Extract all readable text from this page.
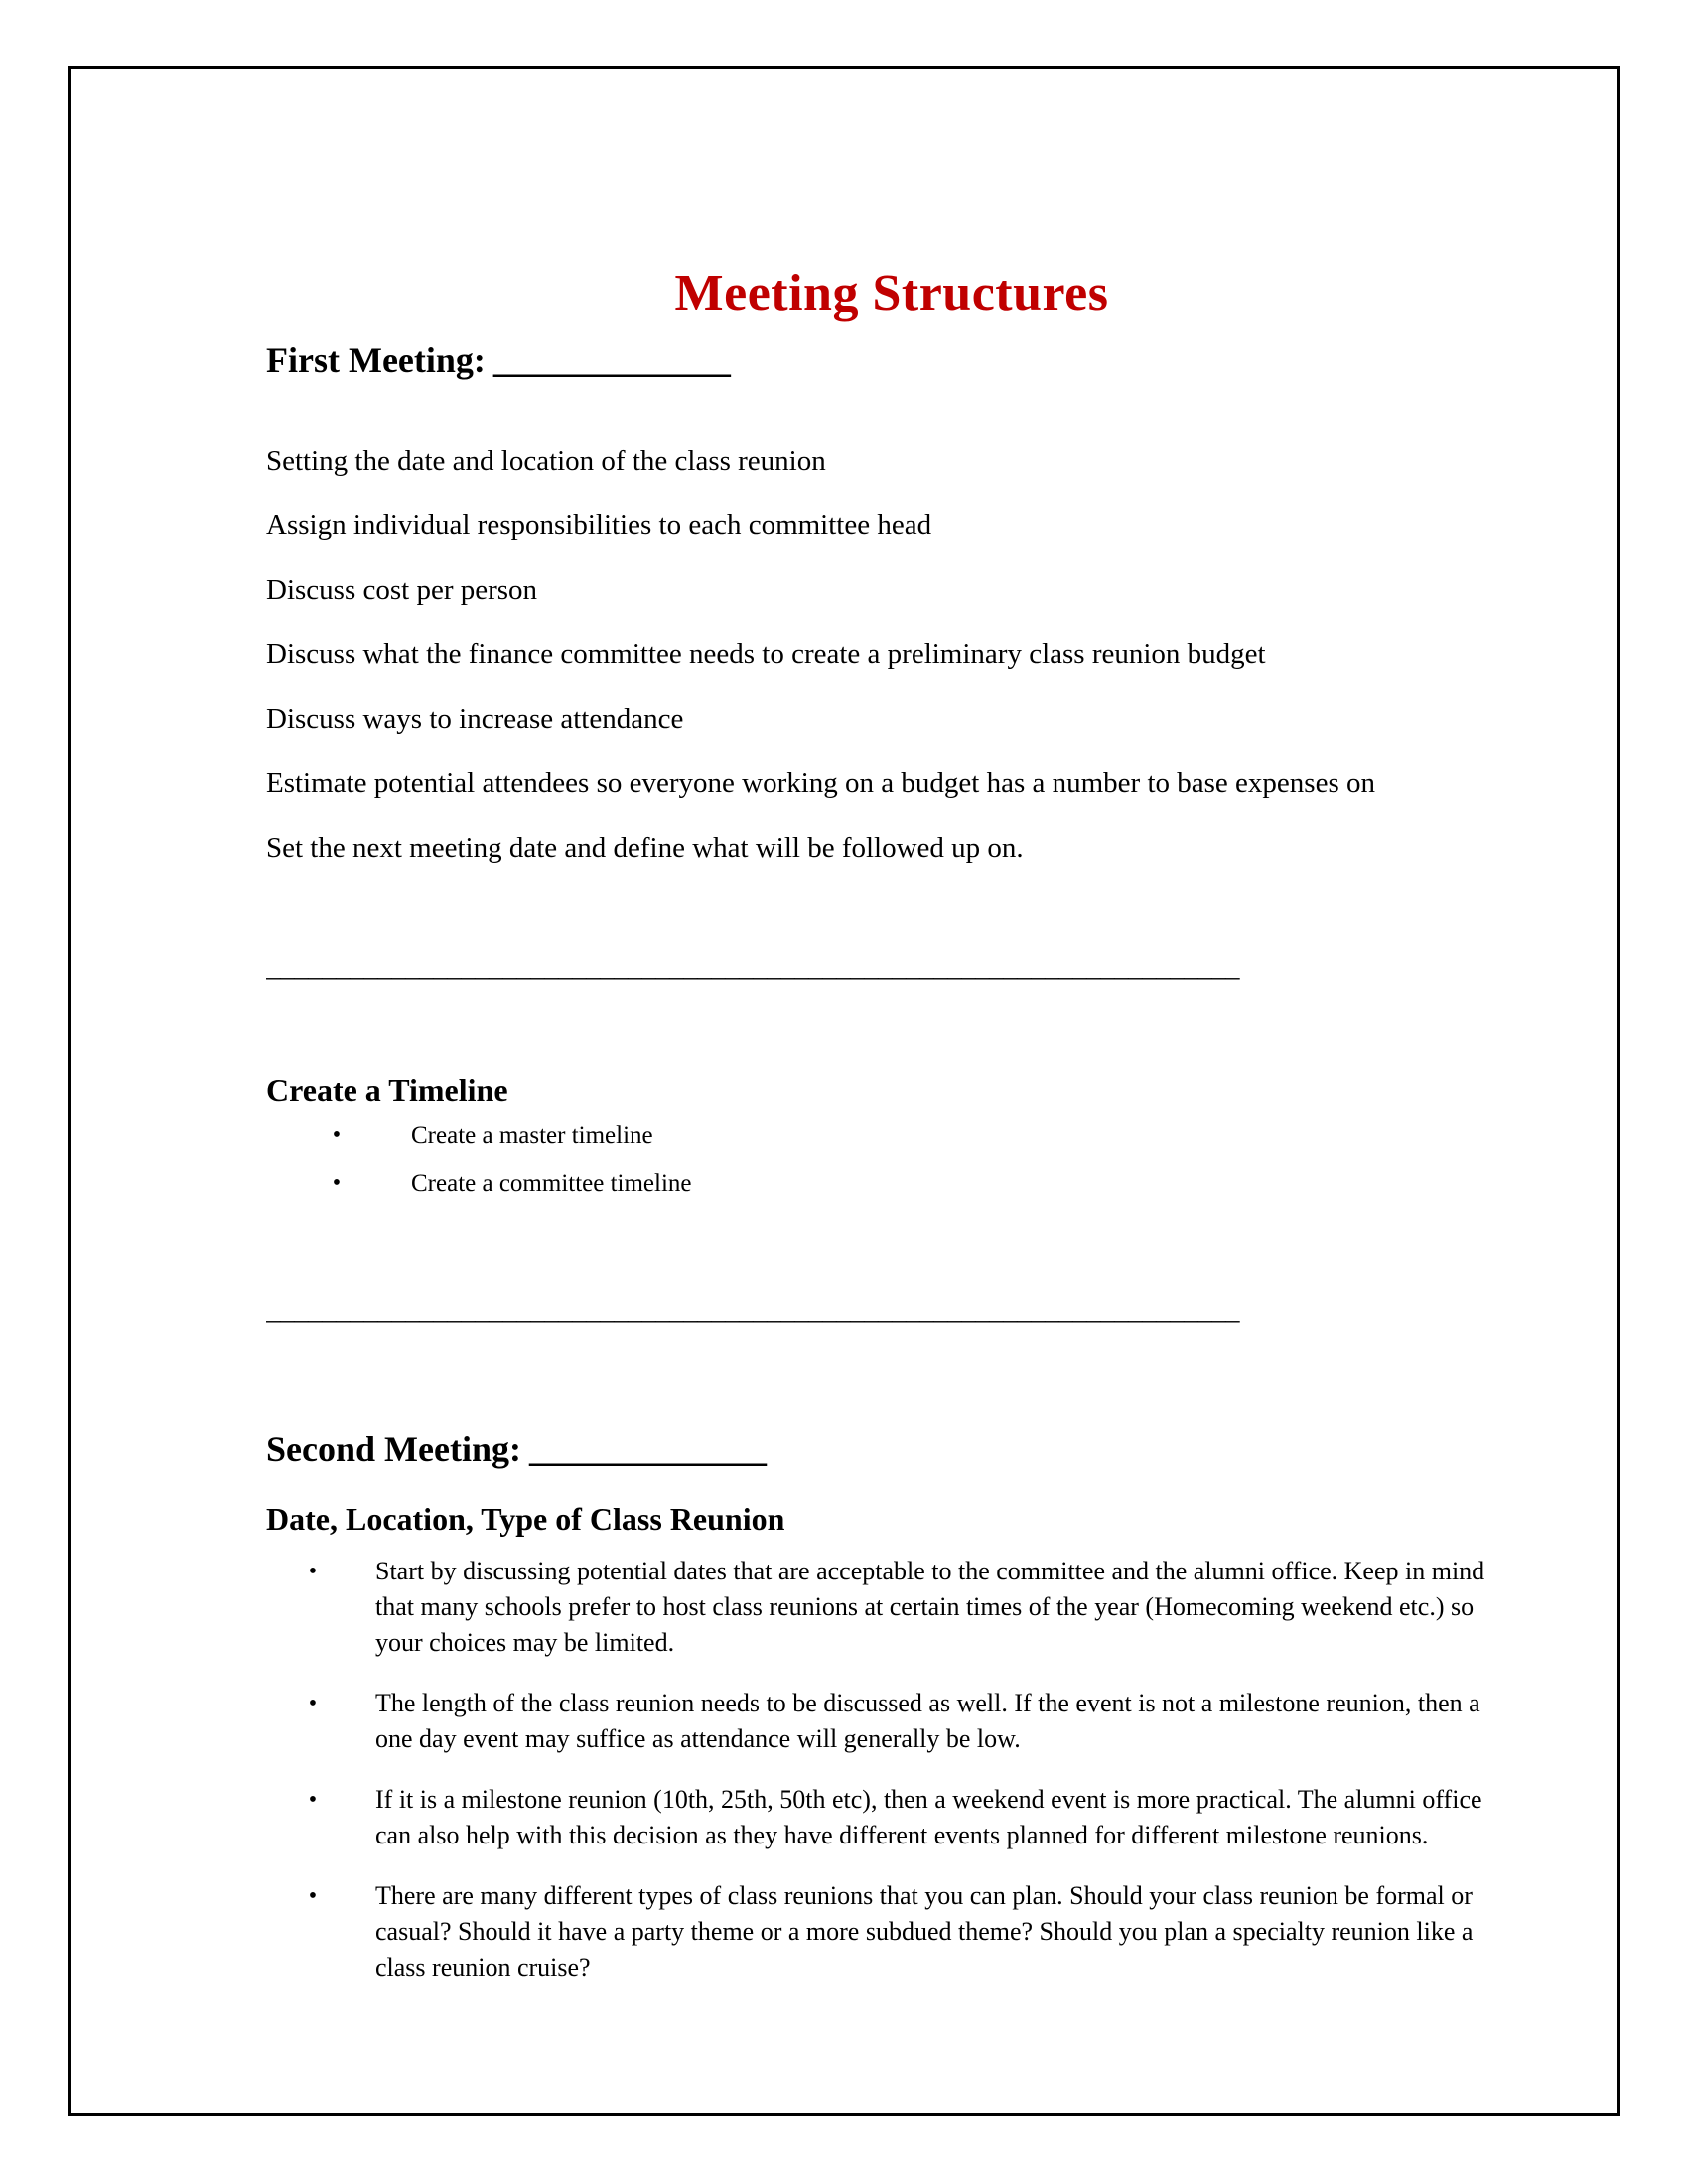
Meeting Structures
First Meeting: ______________

Setting the date and location of the class reunion

Assign individual responsibilities to each committee head

Discuss cost per person

Discuss what the finance committee needs to create a preliminary class reunion budget

Discuss ways to increase attendance

Estimate potential attendees so everyone working on a budget has a number to base expenses on

Set the next meeting date and define what will be followed up on.

______________________________________________________________________
Create a Timeline
•	Create a master timeline
•	Create a committee timeline
______________________________________________________________________
Second Meeting: ______________
Date, Location, Type of Class Reunion
• Start by discussing potential dates that are acceptable to the committee and the alumni office. Keep in mind that many schools prefer to host class reunions at certain times of the year (Homecoming weekend etc.) so your choices may be limited.
• The length of the class reunion needs to be discussed as well. If the event is not a milestone reunion, then a one day event may suffice as attendance will generally be low.
• If it is a milestone reunion (10th, 25th, 50th etc), then a weekend event is more practical. The alumni office can also help with this decision as they have different events planned for different milestone reunions.
• There are many different types of class reunions that you can plan. Should your class reunion be formal or casual? Should it have a party theme or a more subdued theme? Should you plan a specialty reunion like a class reunion cruise?
